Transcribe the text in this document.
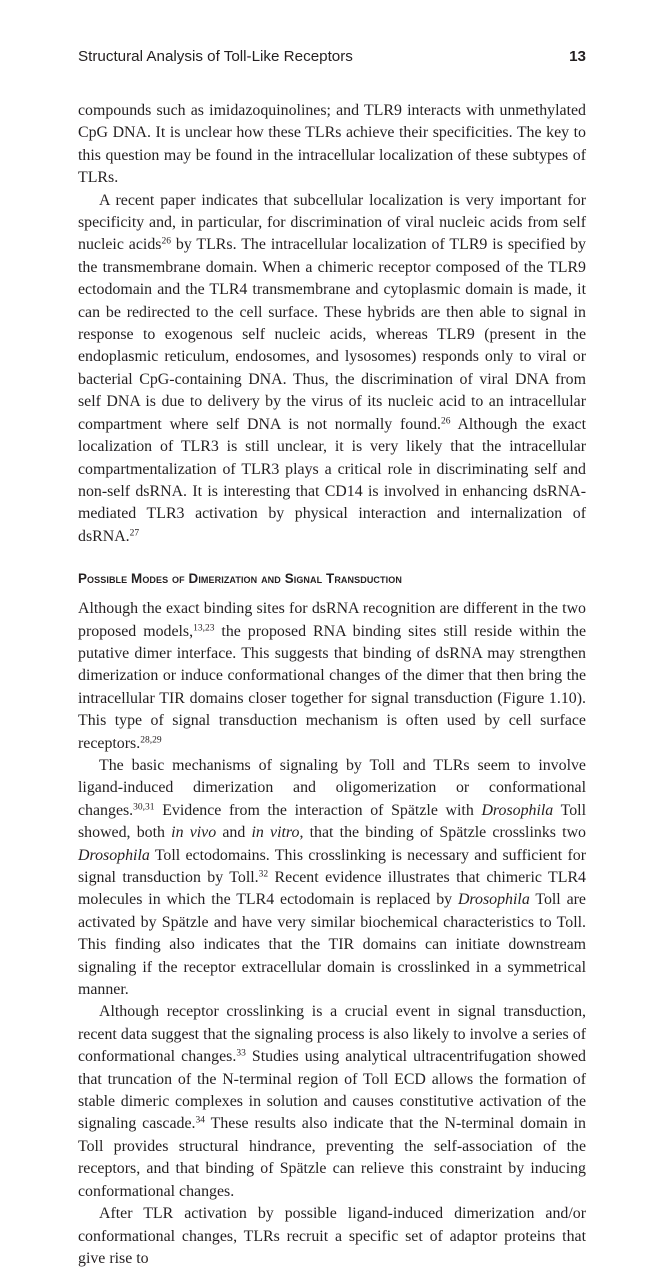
Structural Analysis of Toll-Like Receptors	13

compounds such as imidazoquinolines; and TLR9 interacts with unmethylated CpG DNA. It is unclear how these TLRs achieve their specificities. The key to this question may be found in the intracellular localization of these subtypes of TLRs.

A recent paper indicates that subcellular localization is very important for specificity and, in particular, for discrimination of viral nucleic acids from self nucleic acids$^{26}$ by TLRs. The intracellular localization of TLR9 is specified by the transmembrane domain. When a chimeric receptor composed of the TLR9 ectodomain and the TLR4 transmembrane and cytoplasmic domain is made, it can be redirected to the cell surface. These hybrids are then able to signal in response to exogenous self nucleic acids, whereas TLR9 (present in the endoplasmic reticulum, endosomes, and lysosomes) responds only to viral or bacterial CpG-containing DNA. Thus, the discrimination of viral DNA from self DNA is due to delivery by the virus of its nucleic acid to an intracellular compartment where self DNA is not normally found.$^{26}$ Although the exact localization of TLR3 is still unclear, it is very likely that the intracellular compartmentalization of TLR3 plays a critical role in discriminating self and non-self dsRNA. It is interesting that CD14 is involved in enhancing dsRNA-mediated TLR3 activation by physical interaction and internalization of dsRNA.$^{27}$

Possible Modes of Dimerization and Signal Transduction

Although the exact binding sites for dsRNA recognition are different in the two proposed models,$^{13,23}$ the proposed RNA binding sites still reside within the putative dimer interface. This suggests that binding of dsRNA may strengthen dimerization or induce conformational changes of the dimer that then bring the intracellular TIR domains closer together for signal transduction (Figure 1.10). This type of signal transduction mechanism is often used by cell surface receptors.$^{28,29}$

The basic mechanisms of signaling by Toll and TLRs seem to involve ligand-induced dimerization and oligomerization or conformational changes.$^{30,31}$ Evidence from the interaction of Spätzle with Drosophila Toll showed, both in vivo and in vitro, that the binding of Spätzle crosslinks two Drosophila Toll ectodomains. This crosslinking is necessary and sufficient for signal transduction by Toll.$^{32}$ Recent evidence illustrates that chimeric TLR4 molecules in which the TLR4 ectodomain is replaced by Drosophila Toll are activated by Spätzle and have very similar biochemical characteristics to Toll. This finding also indicates that the TIR domains can initiate downstream signaling if the receptor extracellular domain is crosslinked in a symmetrical manner.

Although receptor crosslinking is a crucial event in signal transduction, recent data suggest that the signaling process is also likely to involve a series of conformational changes.$^{33}$ Studies using analytical ultracentrifugation showed that truncation of the N-terminal region of Toll ECD allows the formation of stable dimeric complexes in solution and causes constitutive activation of the signaling cascade.$^{34}$ These results also indicate that the N-terminal domain in Toll provides structural hindrance, preventing the self-association of the receptors, and that binding of Spätzle can relieve this constraint by inducing conformational changes.

After TLR activation by possible ligand-induced dimerization and/or conformational changes, TLRs recruit a specific set of adaptor proteins that give rise to
